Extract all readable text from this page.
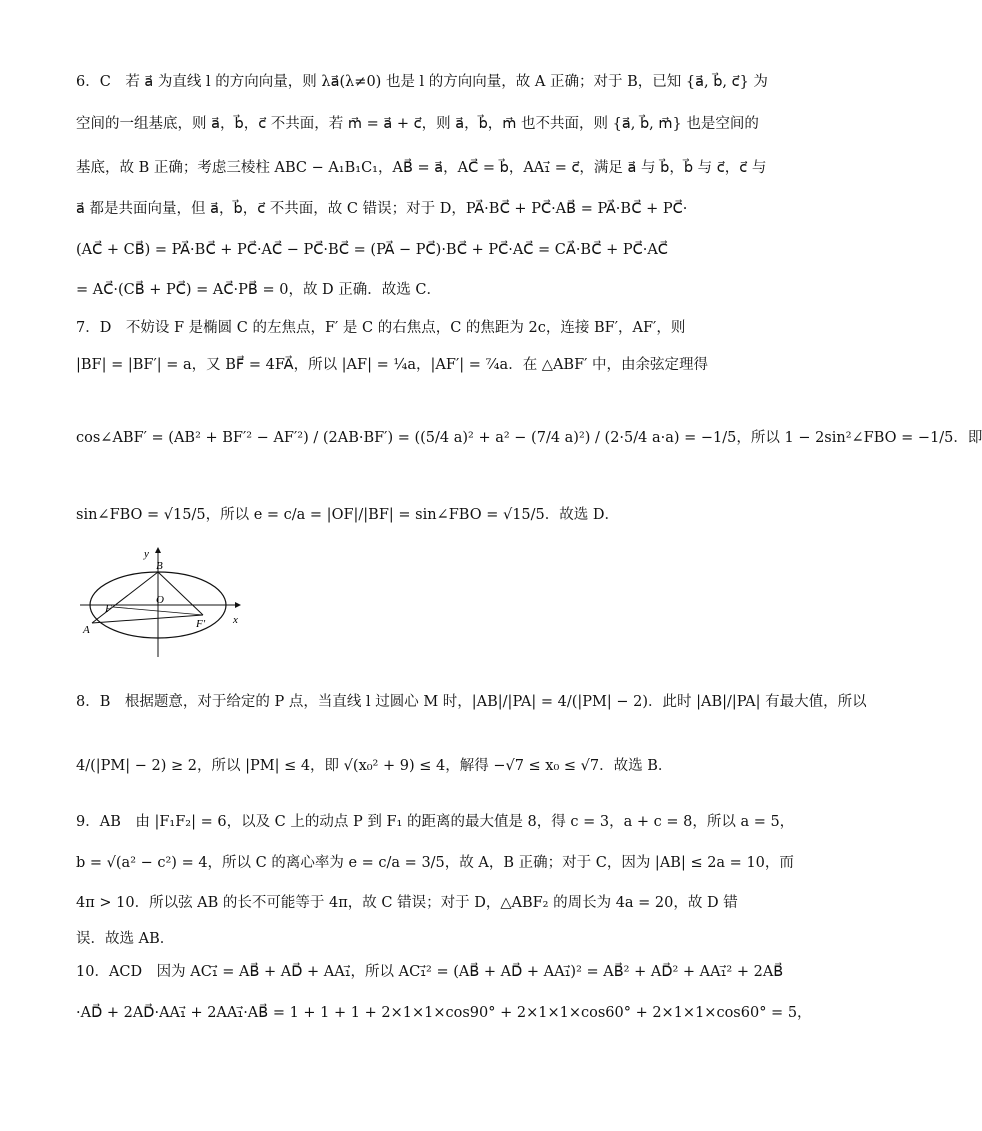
6．C　若 a⃗ 为直线 l 的方向向量，则 λa⃗(λ≠0) 也是 l 的方向向量，故 A 正确；对于 B，已知 {a⃗, b⃗, c⃗} 为
空间的一组基底，则 a⃗，b⃗，c⃗ 不共面，若 m⃗ = a⃗ + c⃗，则 a⃗，b⃗，m⃗ 也不共面，则 {a⃗, b⃗, m⃗} 也是空间的
基底，故 B 正确；考虑三棱柱 ABC − A₁B₁C₁，AB⃗ = a⃗，AC⃗ = b⃗，AA₁⃗ = c⃗，满足 a⃗ 与 b⃗，b⃗ 与 c⃗，c⃗ 与
a⃗ 都是共面向量，但 a⃗，b⃗，c⃗ 不共面，故 C 错误；对于 D，PA⃗·BC⃗ + PC⃗·AB⃗ = PA⃗·BC⃗ + PC⃗·
(AC⃗ + CB⃗) = PA⃗·BC⃗ + PC⃗·AC⃗ − PC⃗·BC⃗ = (PA⃗ − PC⃗)·BC⃗ + PC⃗·AC⃗ = CA⃗·BC⃗ + PC⃗·AC⃗
= AC⃗·(CB⃗ + PC⃗) = AC⃗·PB⃗ = 0，故 D 正确．故选 C．
7．D　不妨设 F 是椭圆 C 的左焦点，F′ 是 C 的右焦点，C 的焦距为 2c，连接 BF′，AF′，则
|BF| = |BF′| = a，又 BF⃗ = 4FA⃗，所以 |AF| = ¼a，|AF′| = ⁷⁄₄a．在 △ABF′ 中，由余弦定理得
cos∠ABF′ = (AB² + BF′² − AF′²) / (2AB·BF′) = ((5/4 a)² + a² − (7/4 a)²) / (2·5/4 a·a) = −1/5，所以 1 − 2sin²∠FBO = −1/5．即
sin∠FBO = √15/5，所以 e = c/a = |OF|/|BF| = sin∠FBO = √15/5．故选 D．
y
x
B
O
F
F′
A
8．B　根据题意，对于给定的 P 点，当直线 l 过圆心 M 时，|AB|/|PA| = 4/(|PM| − 2)．此时 |AB|/|PA| 有最大值，所以
4/(|PM| − 2) ≥ 2，所以 |PM| ≤ 4，即 √(x₀² + 9) ≤ 4，解得 −√7 ≤ x₀ ≤ √7．故选 B．
9．AB　由 |F₁F₂| = 6，以及 C 上的动点 P 到 F₁ 的距离的最大值是 8，得 c = 3，a + c = 8，所以 a = 5，
b = √(a² − c²) = 4，所以 C 的离心率为 e = c/a = 3/5，故 A，B 正确；对于 C，因为 |AB| ≤ 2a = 10，而
4π > 10．所以弦 AB 的长不可能等于 4π，故 C 错误；对于 D，△ABF₂ 的周长为 4a = 20，故 D 错
误．故选 AB．
10．ACD　因为 AC₁⃗ = AB⃗ + AD⃗ + AA₁⃗，所以 AC₁⃗² = (AB⃗ + AD⃗ + AA₁⃗)² = AB⃗² + AD⃗² + AA₁⃗² + 2AB⃗
·AD⃗ + 2AD⃗·AA₁⃗ + 2AA₁⃗·AB⃗ = 1 + 1 + 1 + 2×1×1×cos90° + 2×1×1×cos60° + 2×1×1×cos60° = 5，
